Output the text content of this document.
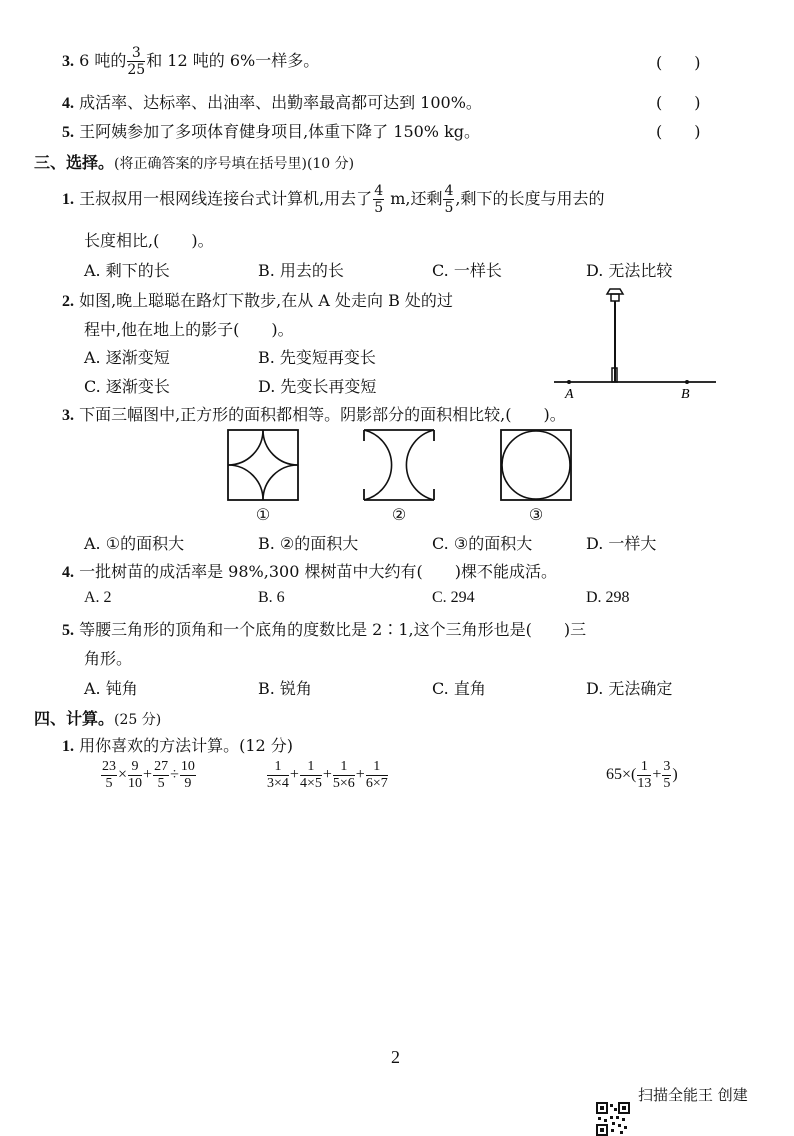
3. 6 吨的 $\frac{3}{25}$ 和 12 吨的 6%一样多。	(　　)
4. 成活率、达标率、出油率、出勤率最高都可达到 100%。	(　　)
5. 王阿姨参加了多项体育健身项目,体重下降了 150% kg。	(　　)
三、选择。(将正确答案的序号填在括号里)(10 分)
1. 王叔叔用一根网线连接台式计算机,用去了 $\frac{4}{5} m$,还剩 $\frac{4}{5}$ ,剩下的长度与用去的
长度相比,(　　)。
A. 剩下的长	B. 用去的长	C. 一样长	D. 无法比较
2. 如图,晚上聪聪在路灯下散步,在从 A 处走向 B 处的过
程中,他在地上的影子(　　)。
A. 逐渐变短	B. 先变短再变长
C. 逐渐变长	D. 先变长再变短	A	B
3. 下面三幅图中,正方形的面积都相等。阴影部分的面积相比较,(　　)。
①	②	③
A. ①的面积大	B. ②的面积大	C. ③的面积大	D. 一样大
4. 一批树苗的成活率是 98%,300 棵树苗中大约有(　　)棵不能成活。
A. 2	B. 6	C. 294	D. 298
5. 等腰三角形的顶角和一个底角的度数比是 2∶1,这个三角形也是(　　)三
角形。
A. 钝角	B. 锐角	C. 直角	D. 无法确定
四、计算。(25 分)
1. 用你喜欢的方法计算。(12 分)
$\frac{23}{5} \times \frac{9}{10} + \frac{27}{5} \div \frac{10}{9}$	$\frac{1}{3\times 4} + \frac{1}{4\times 5} + \frac{1}{5\times 6} + \frac{1}{6\times 7}$	$65\times( \frac{1}{13} + \frac{3}{5}$ )
2
扫描全能王 创建
